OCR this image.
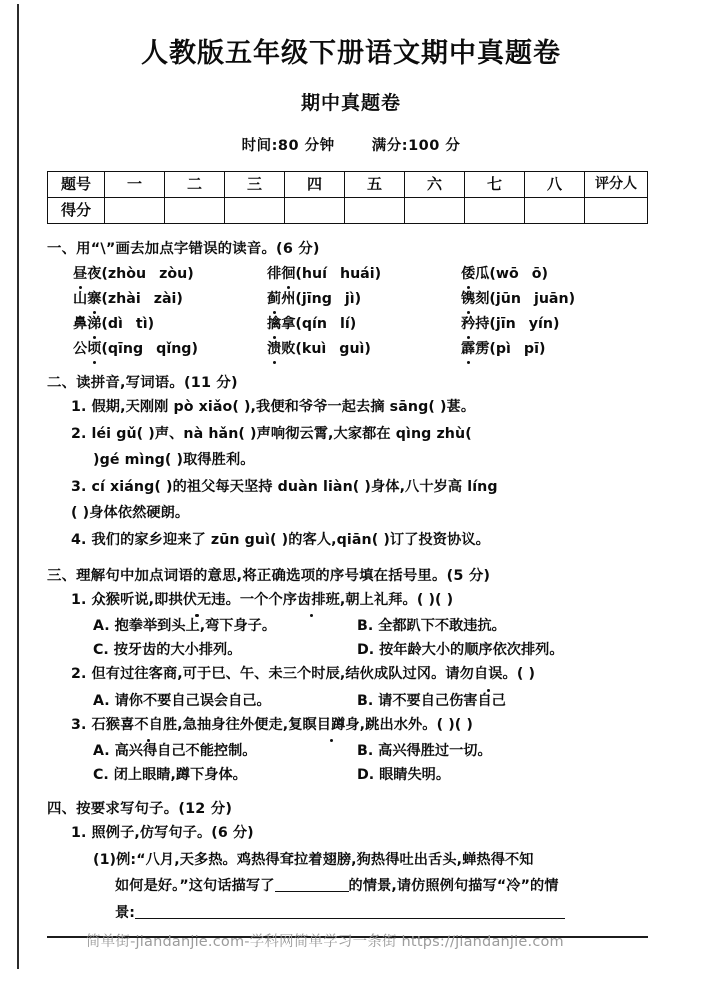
人教版五年级下册语文期中真题卷
期中真题卷
时间:80 分钟	满分:100 分
题号	一	二	三	四	五	六	七	八	评分人
得分									
一、用“\”画去加点字错误的读音。(6 分)
昼夜(zhòu zòu)	徘徊(huí huái)	倭瓜(wō ō)
山寨(zhài zài)	蓟州(jīng jì)	镌刻(jūn juān)
鼻涕(dì tì)	擒拿(qín lí)	矜持(jīn yín)
公顷(qīng qǐng)	溃败(kuì guì)	霹雳(pì pī)
二、读拼音,写词语。(11 分)
1. 假期,天刚刚 pò xiǎo( ),我便和爷爷一起去摘 sāng( )葚。
2. léi gǔ( )声、nà hǎn( )声响彻云霄,大家都在 qìng zhù(
)gé mìng( )取得胜利。
3. cí xiáng( )的祖父每天坚持 duàn liàn( )身体,八十岁高 líng
( )身体依然硬朗。
4. 我们的家乡迎来了 zūn guì( )的客人,qiān( )订了投资协议。
三、理解句中加点词语的意思,将正确选项的序号填在括号里。(5 分)
1. 众猴听说,即拱伏无违。一个个序齿排班,朝上礼拜。( )( )
A. 抱拳举到头上,弯下身子。	B. 全都趴下不敢违抗。
C. 按牙齿的大小排列。	D. 按年龄大小的顺序依次排列。
2. 但有过往客商,可于巳、午、未三个时辰,结伙成队过冈。请勿自误。( )
A. 请你不要自己误会自己。	B. 请不要自己伤害自己
3. 石猴喜不自胜,急抽身往外便走,复瞑目蹲身,跳出水外。( )( )
A. 高兴得自己不能控制。	B. 高兴得胜过一切。
C. 闭上眼睛,蹲下身体。	D. 眼睛失明。
四、按要求写句子。(12 分)
1. 照例子,仿写句子。(6 分)
(1)例:“八月,天多热。鸡热得耷拉着翅膀,狗热得吐出舌头,蝉热得不知
如何是好。”这句话描写了	的情景,请仿照例句描写“冷”的情
景:
简单街-jiandanjie.com-学科网简单学习一条街 https://jiandanjie.com
